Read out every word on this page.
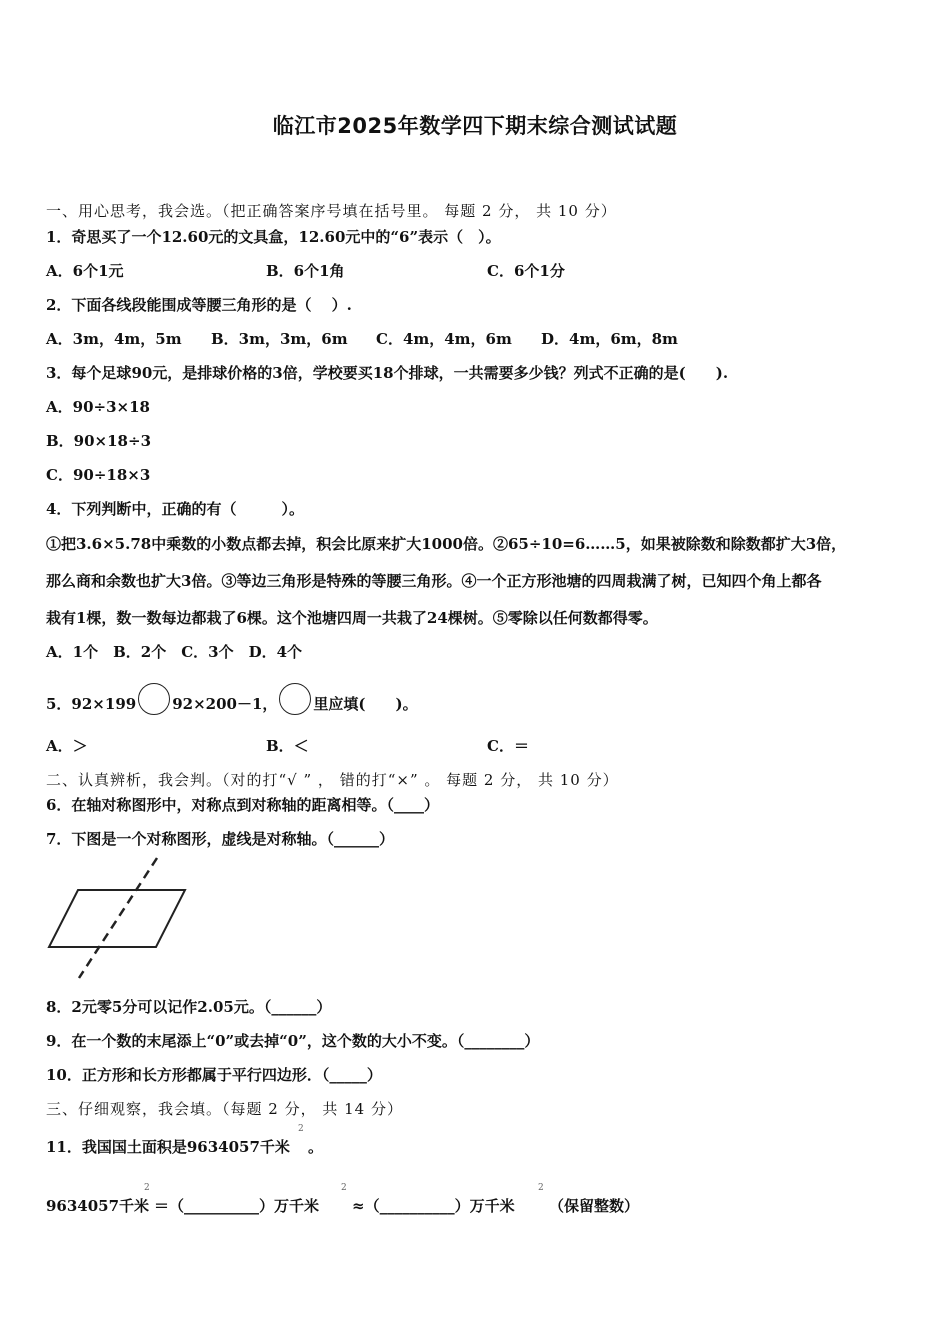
临江市2025年数学四下期末综合测试试题
一、用心思考，我会选。（把正确答案序号填在括号里。 每题 2 分， 共 10 分）
1．奇思买了一个12.60元的文具盒，12.60元中的“6”表示（　）。
A．6个1元	B．6个1角	C．6个1分
2．下面各线段能围成等腰三角形的是（　 ）.
A．3m，4m，5m B．3m，3m，6m C．4m，4m，6m D．4m，6m，8m
3．每个足球90元，是排球价格的3倍，学校要买18个排球，一共需要多少钱？列式不正确的是(　　).
A．90÷3×18
B．90×18÷3
C．90÷18×3
4．下列判断中，正确的有（　　　）。
①把3.6×5.78中乘数的小数点都去掉，积会比原来扩大1000倍。②65÷10=6……5，如果被除数和除数都扩大3倍，
那么商和余数也扩大3倍。③等边三角形是特殊的等腰三角形。④一个正方形池塘的四周栽满了树，已知四个角上都各
栽有1棵，数一数每边都栽了6棵。这个池塘四周一共栽了24棵树。⑤零除以任何数都得零。
A．1个　B．2个　C．3个　D．4个
5．92×199 92×200－1， 里应填(　　)。
A．＞	B．＜	C．＝
二、认真辨析，我会判。（对的打“√ ” ， 错的打“×” 。 每题 2 分， 共 10 分）
6．在轴对称图形中，对称点到对称轴的距离相等。（____）
7．下图是一个对称图形，虚线是对称轴。（______）
8．2元零5分可以记作2.05元。（______）
9．在一个数的末尾添上“0”或去掉“0”，这个数的大小不变。（________）
10．正方形和长方形都属于平行四边形．（_____）
三、仔细观察，我会填。（每题 2 分， 共 14 分）
11．我国国土面积是9634057千米
2
。
9634057千米
2
＝（__________）万千米
2
≈（__________）万千米
2
（保留整数）
